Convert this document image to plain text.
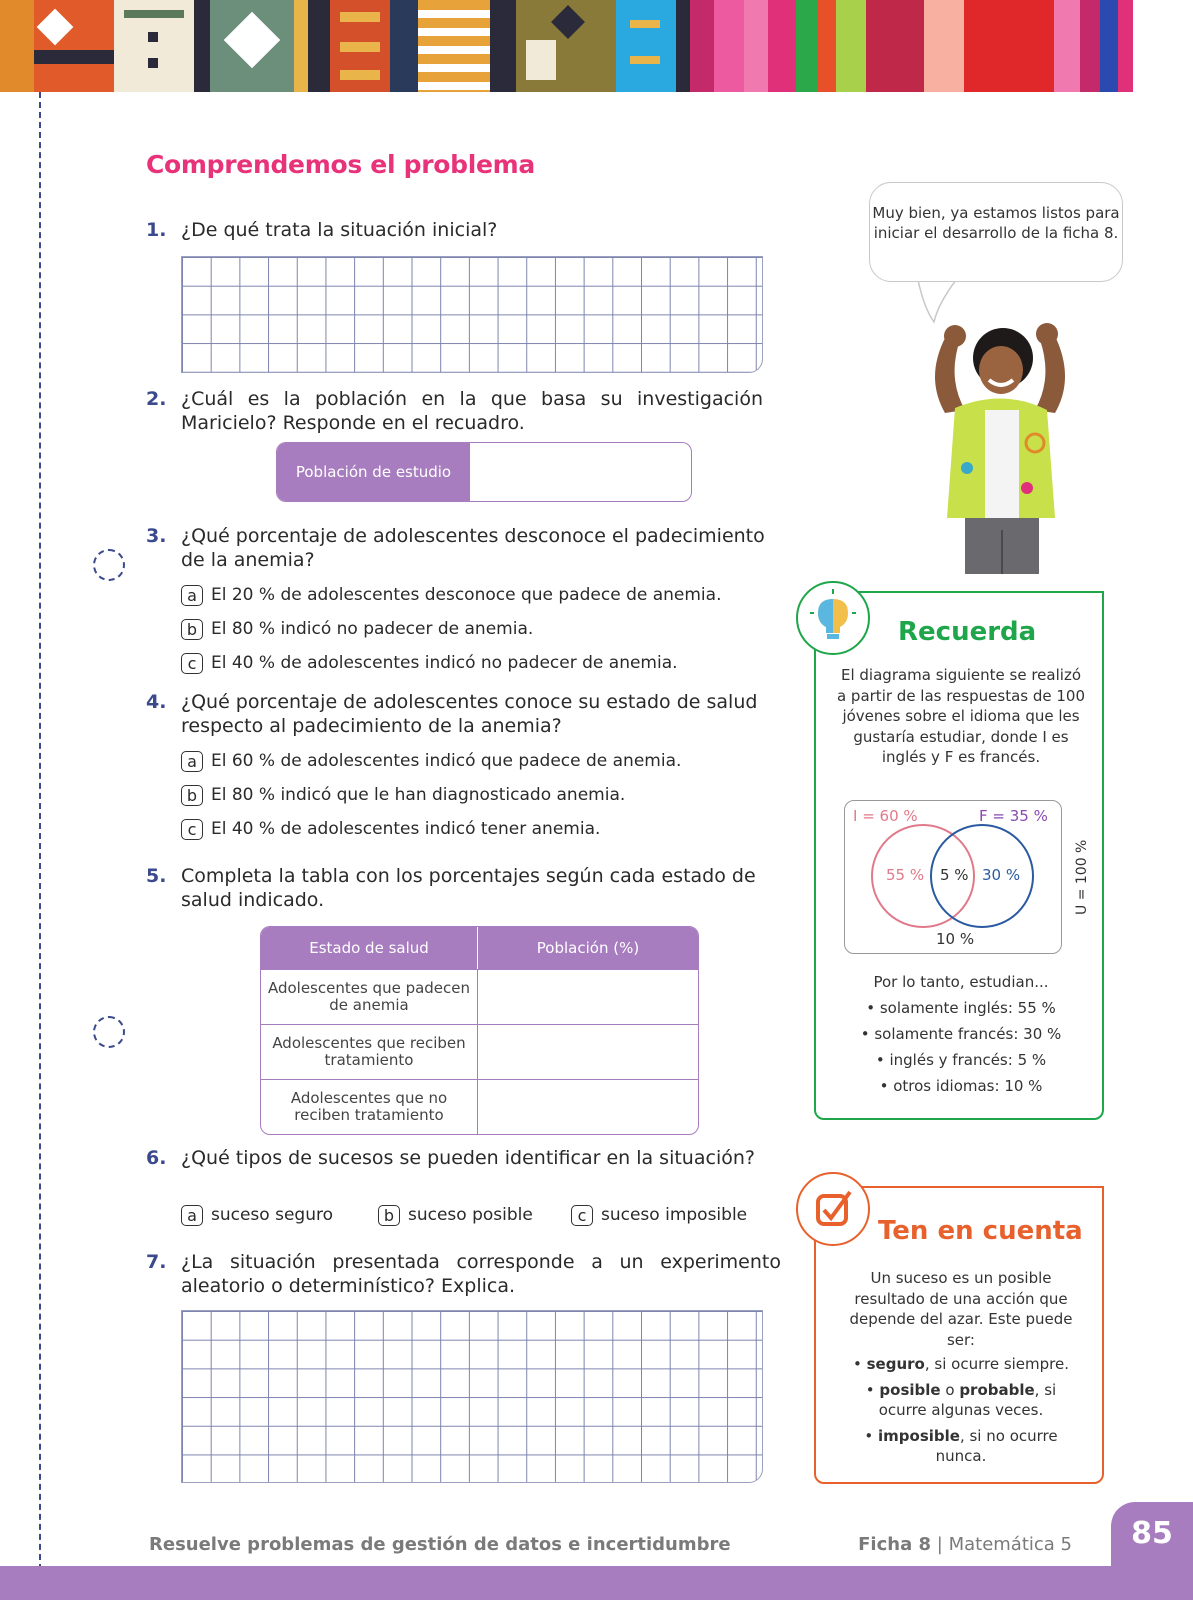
Comprendemos el problema
1. ¿De qué trata la situación inicial?
2. ¿Cuál es la población en la que basa su investigación Maricielo? Responde en el recuadro.
Población de estudio
3. ¿Qué porcentaje de adolescentes desconoce el padecimiento de la anemia?
a El 20 % de adolescentes desconoce que padece de anemia.
b El 80 % indicó no padecer de anemia.
c El 40 % de adolescentes indicó no padecer de anemia.
4. ¿Qué porcentaje de adolescentes conoce su estado de salud respecto al padecimiento de la anemia?
a El 60 % de adolescentes indicó que padece de anemia.
b El 80 % indicó que le han diagnosticado anemia.
c El 40 % de adolescentes indicó tener anemia.
5. Completa la tabla con los porcentajes según cada estado de salud indicado.
Estado de salud	Población (%)
Adolescentes que padecen de anemia	
Adolescentes que reciben tratamiento	
Adolescentes que no reciben tratamiento	
6. ¿Qué tipos de sucesos se pueden identificar en la situación?
a suceso seguro	b suceso posible	c suceso imposible
7. ¿La situación presentada corresponde a un experimento aleatorio o determinístico? Explica.
Muy bien, ya estamos listos para iniciar el desarrollo de la ficha 8.
Recuerda

El diagrama siguiente se realizó a partir de las respuestas de 100 jóvenes sobre el idioma que les gustaría estudiar, donde I es inglés y F es francés.

I = 60 %	F = 35 %
55 % 5 % 30 %
10 %
U = 100 %

Por lo tanto, estudian...

• solamente inglés: 55 %
• solamente francés: 30 %
• inglés y francés: 5 %
• otros idiomas: 10 %
Ten en cuenta

Un suceso es un posible resultado de una acción que depende del azar. Este puede ser:

• seguro, si ocurre siempre.
• posible o probable, si ocurre algunas veces.
• imposible, si no ocurre nunca.
Resuelve problemas de gestión de datos e incertidumbre	Ficha 8 | Matemática 5	85
